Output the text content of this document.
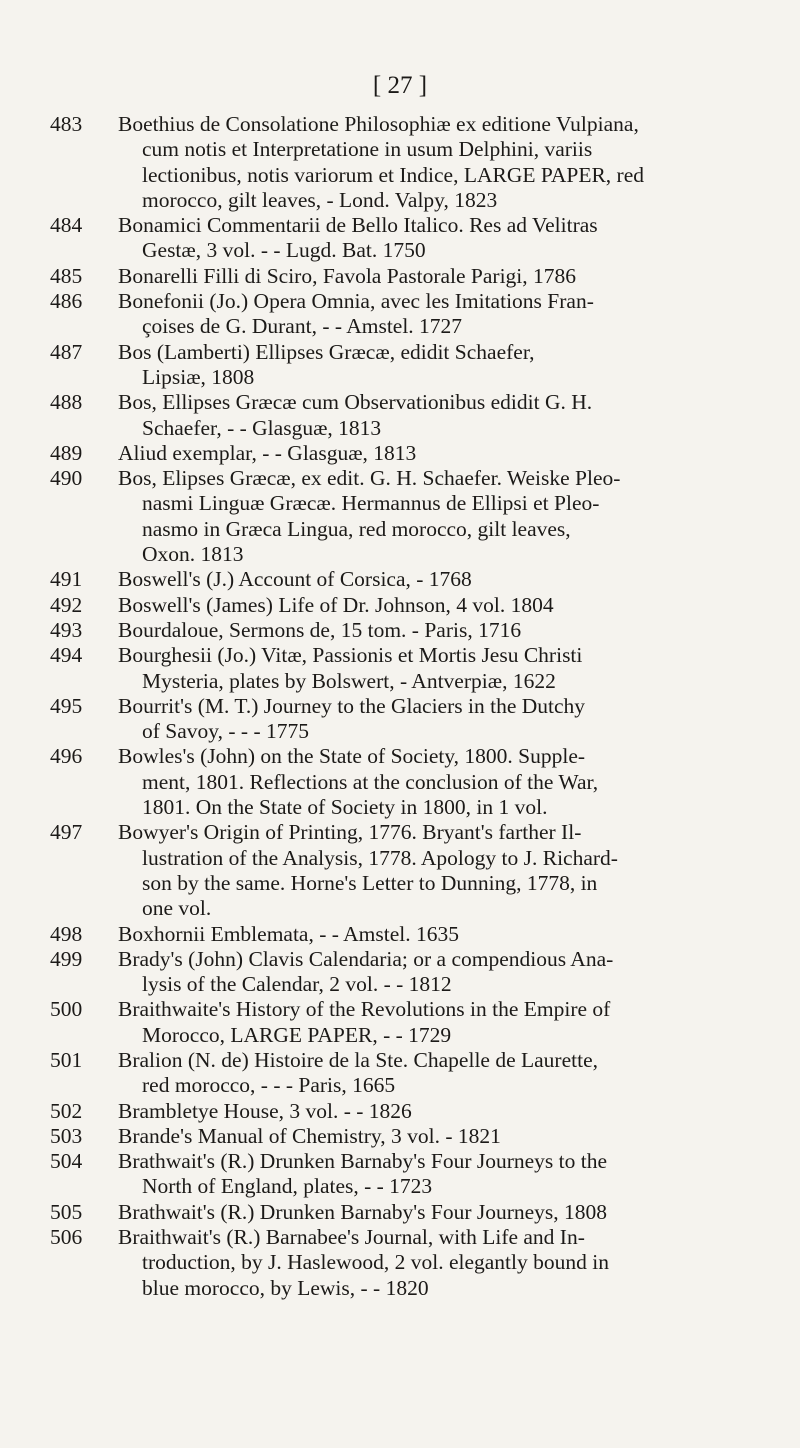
[ 27 ]
483	Boethius de Consolatione Philosophiæ ex editione Vulpiana,
cum notis et Interpretatione in usum Delphini, variis
lectionibus, notis variorum et Indice, LARGE PAPER, red
morocco, gilt leaves, - Lond. Valpy, 1823
484	Bonamici Commentarii de Bello Italico. Res ad Velitras
Gestæ, 3 vol. - - Lugd. Bat. 1750
485	Bonarelli Filli di Sciro, Favola Pastorale Parigi, 1786
486	Bonefonii (Jo.) Opera Omnia, avec les Imitations Fran-
çoises de G. Durant, - - Amstel. 1727
487	Bos (Lamberti) Ellipses Græcæ, edidit Schaefer,
Lipsiæ, 1808
488	Bos, Ellipses Græcæ cum Observationibus edidit G. H.
Schaefer, - - Glasguæ, 1813
489	Aliud exemplar, - - Glasguæ, 1813
490	Bos, Elipses Græcæ, ex edit. G. H. Schaefer. Weiske Pleo-
nasmi Linguæ Græcæ. Hermannus de Ellipsi et Pleo-
nasmo in Græca Lingua, red morocco, gilt leaves,
Oxon. 1813
491	Boswell's (J.) Account of Corsica, - 1768
492	Boswell's (James) Life of Dr. Johnson, 4 vol. 1804
493	Bourdaloue, Sermons de, 15 tom. - Paris, 1716
494	Bourghesii (Jo.) Vitæ, Passionis et Mortis Jesu Christi
Mysteria, plates by Bolswert, - Antverpiæ, 1622
495	Bourrit's (M. T.) Journey to the Glaciers in the Dutchy
of Savoy, - - - 1775
496	Bowles's (John) on the State of Society, 1800. Supple-
ment, 1801. Reflections at the conclusion of the War,
1801. On the State of Society in 1800, in 1 vol.
497	Bowyer's Origin of Printing, 1776. Bryant's farther Il-
lustration of the Analysis, 1778. Apology to J. Richard-
son by the same. Horne's Letter to Dunning, 1778, in
one vol.
498	Boxhornii Emblemata, - - Amstel. 1635
499	Brady's (John) Clavis Calendaria; or a compendious Ana-
lysis of the Calendar, 2 vol. - - 1812
500	Braithwaite's History of the Revolutions in the Empire of
Morocco, LARGE PAPER, - - 1729
501	Bralion (N. de) Histoire de la Ste. Chapelle de Laurette,
red morocco, - - - Paris, 1665
502	Brambletye House, 3 vol. - - 1826
503	Brande's Manual of Chemistry, 3 vol. - 1821
504	Brathwait's (R.) Drunken Barnaby's Four Journeys to the
North of England, plates, - - 1723
505	Brathwait's (R.) Drunken Barnaby's Four Journeys, 1808
506	Braithwait's (R.) Barnabee's Journal, with Life and In-
troduction, by J. Haslewood, 2 vol. elegantly bound in
blue morocco, by Lewis, - - 1820
